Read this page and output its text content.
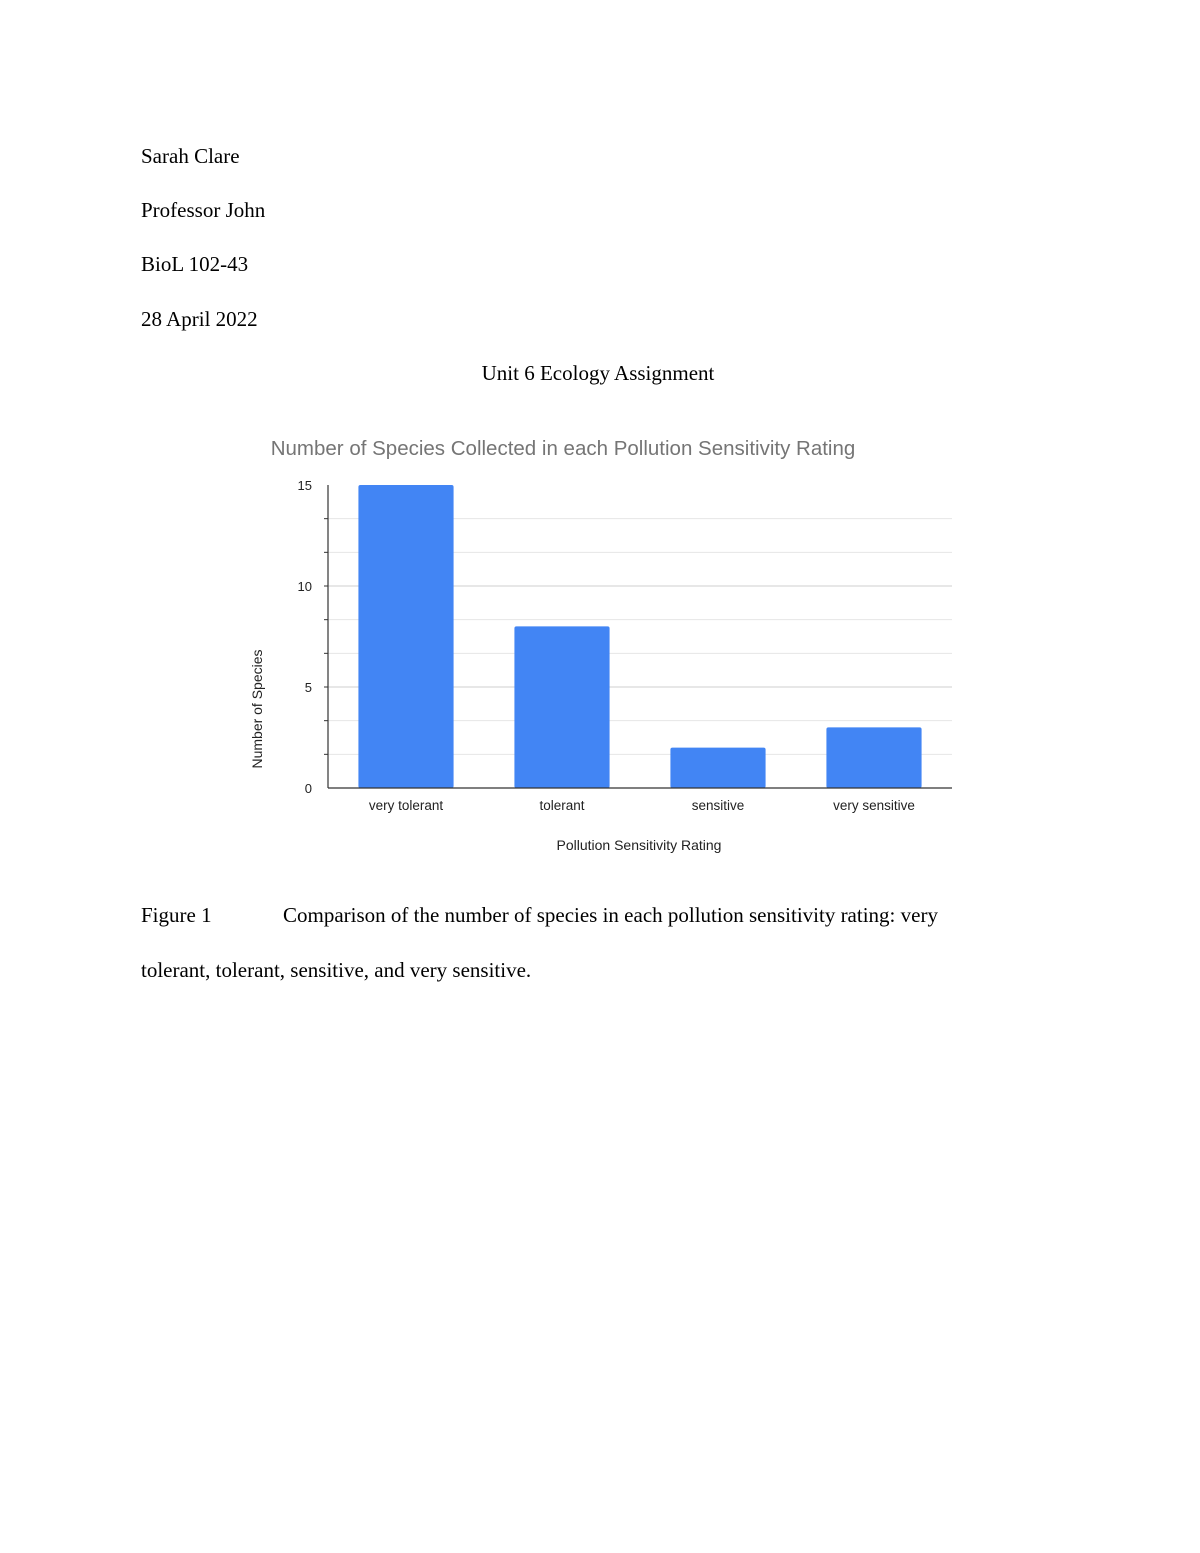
Sarah Clare
Professor John
BioL 102-43
28 April 2022
Unit 6 Ecology Assignment
Number of Species Collected in each Pollution Sensitivity Rating
0
5
10
15
very tolerant	tolerant	sensitive	very sensitive
Pollution Sensitivity Rating
Number of Species
Figure 1	Comparison of the number of species in each pollution sensitivity rating: very
tolerant, tolerant, sensitive, and very sensitive.
